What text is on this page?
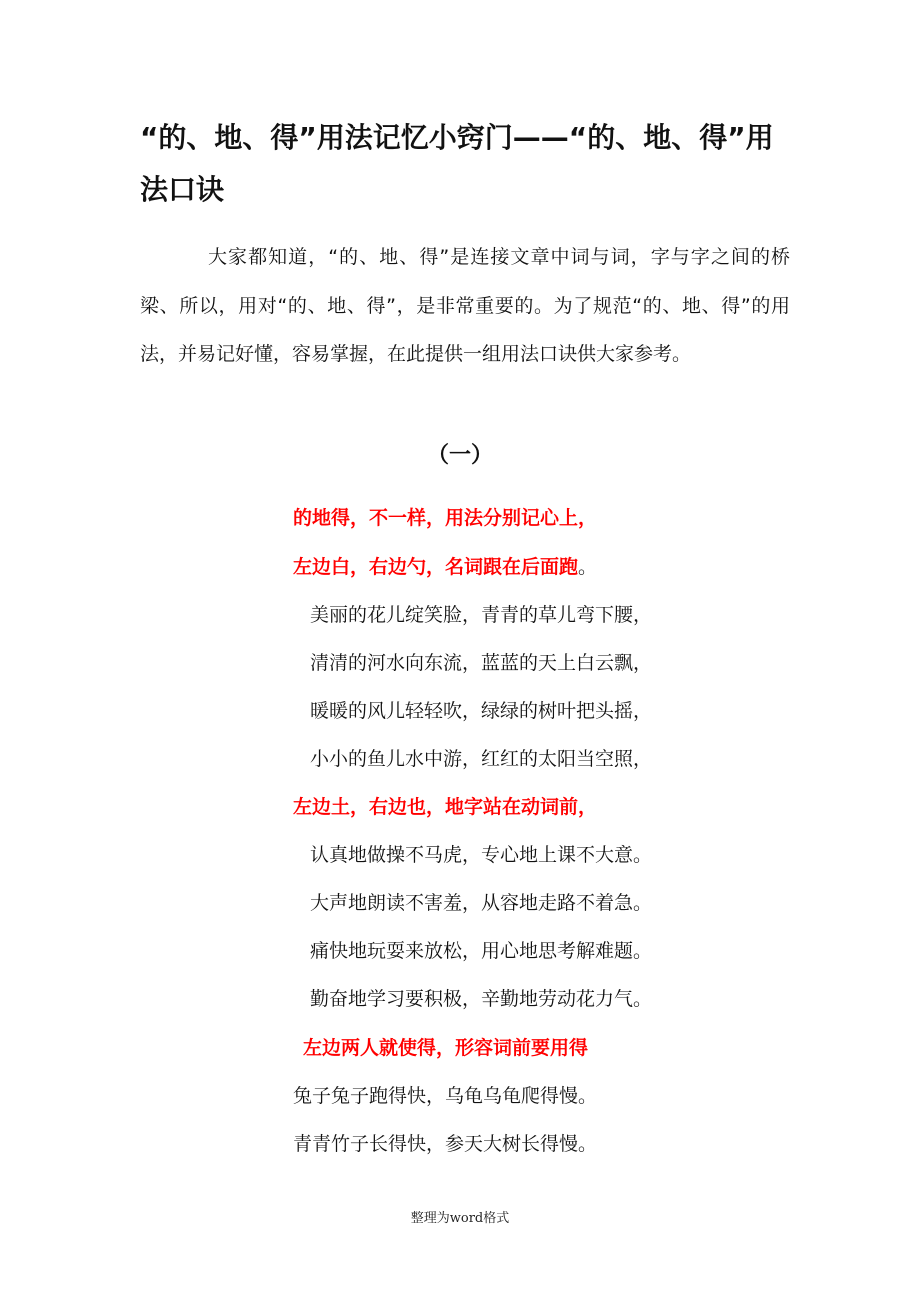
“的、地、得”用法记忆小窍门——“的、地、得”用法口诀
大家都知道，“的、地、得”是连接文章中词与词，字与字之间的桥梁、所以，用对“的、地、得”，是非常重要的。为了规范“的、地、得”的用法，并易记好懂，容易掌握，在此提供一组用法口诀供大家参考。
（一）
的地得，不一样，用法分别记心上，
左边白，右边勺，名词跟在后面跑。
美丽的花儿绽笑脸，青青的草儿弯下腰，
清清的河水向东流，蓝蓝的天上白云飘，
暖暖的风儿轻轻吹，绿绿的树叶把头摇，
小小的鱼儿水中游，红红的太阳当空照，
左边土，右边也，地字站在动词前，
认真地做操不马虎，专心地上课不大意。
大声地朗读不害羞，从容地走路不着急。
痛快地玩耍来放松，用心地思考解难题。
勤奋地学习要积极，辛勤地劳动花力气。
左边两人就使得，形容词前要用得
兔子兔子跑得快，乌龟乌龟爬得慢。
青青竹子长得快，参天大树长得慢。
整理为word格式
